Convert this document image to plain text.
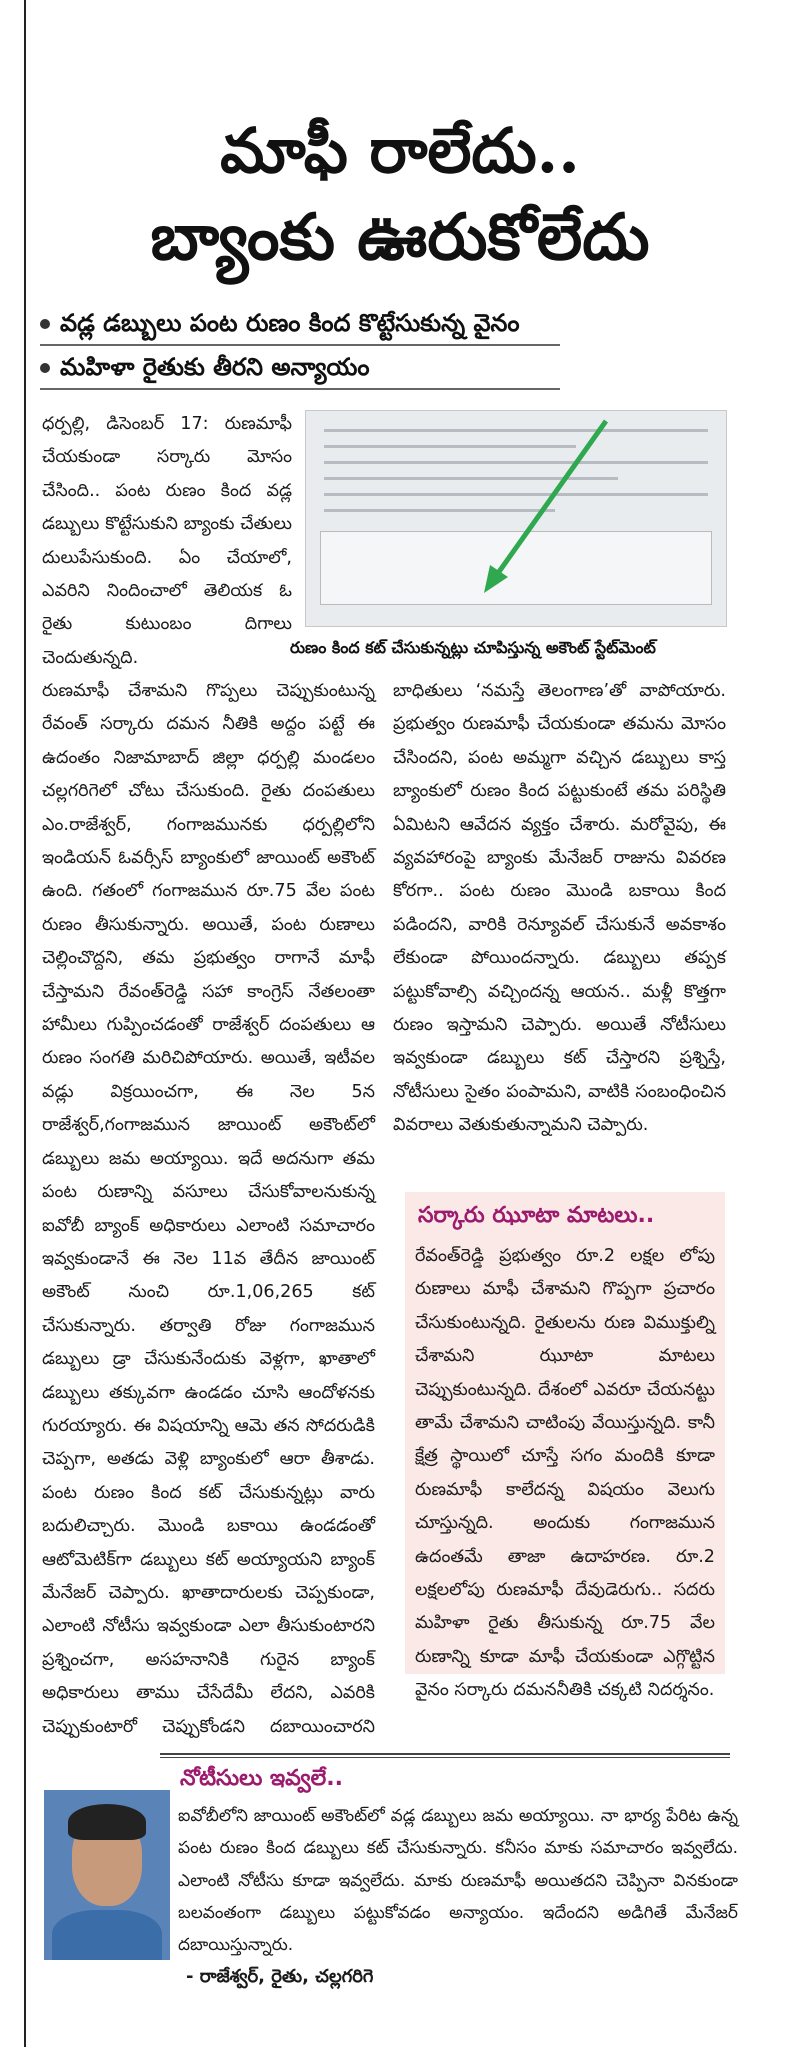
మాఫీ రాలేదు..
బ్యాంకు ఊరుకోలేదు
వడ్ల డబ్బులు పంట రుణం కింద కొట్టేసుకున్న వైనం
మహిళా రైతుకు తీరని అన్యాయం
ధర్పల్లి, డిసెంబర్ 17: రుణమాఫీ చేయకుండా సర్కారు మోసం చేసింది.. పంట రుణం కింద వడ్ల డబ్బులు కొట్టేసుకుని బ్యాంకు చేతులు దులుపేసుకుంది. ఏం చేయాలో, ఎవరిని నిందించాలో తెలియక ఓ రైతు కుటుంబం దిగాలు చెందుతున్నది.
రుణం కింద కట్ చేసుకున్నట్లు చూపిస్తున్న అకౌంట్ స్టేట్‌మెంట్
రుణమాఫీ చేశామని గొప్పలు చెప్పుకుంటున్న రేవంత్ సర్కారు దమన నీతికి అద్దం పట్టే ఈ ఉదంతం నిజామాబాద్ జిల్లా ధర్పల్లి మండలం చల్లగరిగెలో చోటు చేసుకుంది. రైతు దంపతులు ఎం.రాజేశ్వర్, గంగాజమునకు ధర్పల్లిలోని ఇండియన్ ఓవర్సీస్ బ్యాంకులో జాయింట్ అకౌంట్ ఉంది. గతంలో గంగాజమున రూ.75 వేల పంట రుణం తీసుకున్నారు. అయితే, పంట రుణాలు చెల్లించొద్దని, తమ ప్రభుత్వం రాగానే మాఫీ చేస్తామని రేవంత్‌రెడ్డి సహా కాంగ్రెస్ నేతలంతా హామీలు గుప్పించడంతో రాజేశ్వర్ దంపతులు ఆ రుణం సంగతి మరిచిపోయారు. అయితే, ఇటీవల వడ్లు విక్రయించగా, ఈ నెల 5న రాజేశ్వర్,గంగాజమున జాయింట్ అకౌంట్‌లో డబ్బులు జమ అయ్యాయి. ఇదే అదనుగా తమ పంట రుణాన్ని వసూలు చేసుకోవాలనుకున్న ఐవోబీ బ్యాంక్ అధికారులు ఎలాంటి సమాచారం ఇవ్వకుండానే ఈ నెల 11వ తేదీన జాయింట్ అకౌంట్ నుంచి రూ.1,06,265 కట్ చేసుకున్నారు. తర్వాతి రోజు గంగాజమున డబ్బులు డ్రా చేసుకునేందుకు వెళ్లగా, ఖాతాలో డబ్బులు తక్కువగా ఉండడం చూసి ఆందోళనకు గురయ్యారు. ఈ విషయాన్ని ఆమె తన సోదరుడికి చెప్పగా, అతడు వెళ్లి బ్యాంకులో ఆరా తీశాడు. పంట రుణం కింద కట్ చేసుకున్నట్లు వారు బదులిచ్చారు. మొండి బకాయి ఉండడంతో ఆటోమెటిక్‌గా డబ్బులు కట్ అయ్యాయని బ్యాంక్ మేనేజర్ చెప్పారు. ఖాతాదారులకు చెప్పకుండా, ఎలాంటి నోటీసు ఇవ్వకుండా ఎలా తీసుకుంటారని ప్రశ్నించగా, అసహనానికి గురైన బ్యాంక్ అధికారులు తాము చేసేదేమీ లేదని, ఎవరికి చెప్పుకుంటారో చెప్పుకోండని దబాయించారని బాధితులు ‘నమస్తే తెలంగాణ’తో వాపోయారు. ప్రభుత్వం రుణమాఫీ చేయకుండా తమను మోసం చేసిందని, పంట అమ్మగా వచ్చిన డబ్బులు కాస్త బ్యాంకులో రుణం కింద పట్టుకుంటే తమ పరిస్థితి ఏమిటని ఆవేదన వ్యక్తం చేశారు. మరోవైపు, ఈ వ్యవహారంపై బ్యాంకు మేనేజర్ రాజును వివరణ కోరగా.. పంట రుణం మొండి బకాయి కింద పడిందని, వారికి రెన్యూవల్ చేసుకునే అవకాశం లేకుండా పోయిందన్నారు. డబ్బులు తప్పక పట్టుకోవాల్సి వచ్చిందన్న ఆయన.. మళ్లీ కొత్తగా రుణం ఇస్తామని చెప్పారు. అయితే నోటీసులు ఇవ్వకుండా డబ్బులు కట్ చేస్తారని ప్రశ్నిస్తే, నోటీసులు సైతం పంపామని, వాటికి సంబంధించిన వివరాలు వెతుకుతున్నామని చెప్పారు.
సర్కారు ఝూటా మాటలు..
రేవంత్‌రెడ్డి ప్రభుత్వం రూ.2 లక్షల లోపు రుణాలు మాఫీ చేశామని గొప్పగా ప్రచారం చేసుకుంటున్నది. రైతులను రుణ విముక్తుల్ని చేశామని ఝూటా మాటలు చెప్పుకుంటున్నది. దేశంలో ఎవరూ చేయనట్టు తామే చేశామని చాటింపు వేయిస్తున్నది. కానీ క్షేత్ర స్థాయిలో చూస్తే సగం మందికి కూడా రుణమాఫీ కాలేదన్న విషయం వెలుగు చూస్తున్నది. అందుకు గంగాజమున ఉదంతమే తాజా ఉదాహరణ. రూ.2 లక్షలలోపు రుణమాఫీ దేవుడెరుగు.. సదరు మహిళా రైతు తీసుకున్న రూ.75 వేల రుణాన్ని కూడా మాఫీ చేయకుండా ఎగ్గొట్టిన వైనం సర్కారు దమననీతికి చక్కటి నిదర్శనం.
నోటీసులు ఇవ్వలే..
ఐవోబీలోని జాయింట్ అకౌంట్‌లో వడ్ల డబ్బులు జమ అయ్యాయి. నా భార్య పేరిట ఉన్న పంట రుణం కింద డబ్బులు కట్ చేసుకున్నారు. కనీసం మాకు సమాచారం ఇవ్వలేదు. ఎలాంటి నోటీసు కూడా ఇవ్వలేదు. మాకు రుణమాఫీ అయితదని చెప్పినా వినకుండా బలవంతంగా డబ్బులు పట్టుకోవడం అన్యాయం. ఇదేందని అడిగితే మేనేజర్ దబాయిస్తున్నారు.
- రాజేశ్వర్, రైతు, చల్లగరిగె
